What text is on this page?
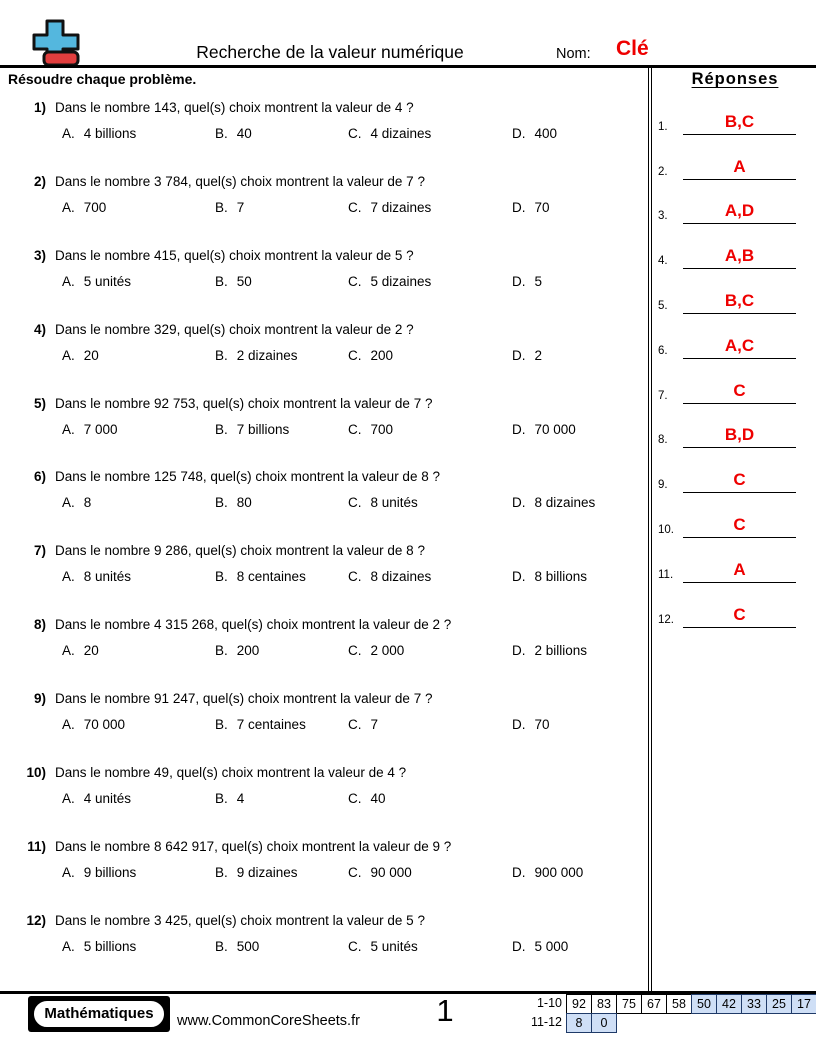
Recherche de la valeur numérique	Nom: Clé
Résoudre chaque problème.
1) Dans le nombre 143, quel(s) choix montrent la valeur de 4 ?
A. 4 billions	B. 40	C. 4 dizaines	D. 400
2) Dans le nombre 3 784, quel(s) choix montrent la valeur de 7 ?
A. 700	B. 7	C. 7 dizaines	D. 70
3) Dans le nombre 415, quel(s) choix montrent la valeur de 5 ?
A. 5 unités	B. 50	C. 5 dizaines	D. 5
4) Dans le nombre 329, quel(s) choix montrent la valeur de 2 ?
A. 20	B. 2 dizaines	C. 200	D. 2
5) Dans le nombre 92 753, quel(s) choix montrent la valeur de 7 ?
A. 7 000	B. 7 billions	C. 700	D. 70 000
6) Dans le nombre 125 748, quel(s) choix montrent la valeur de 8 ?
A. 8	B. 80	C. 8 unités	D. 8 dizaines
7) Dans le nombre 9 286, quel(s) choix montrent la valeur de 8 ?
A. 8 unités	B. 8 centaines	C. 8 dizaines	D. 8 billions
8) Dans le nombre 4 315 268, quel(s) choix montrent la valeur de 2 ?
A. 20	B. 200	C. 2 000	D. 2 billions
9) Dans le nombre 91 247, quel(s) choix montrent la valeur de 7 ?
A. 70 000	B. 7 centaines	C. 7	D. 70
10) Dans le nombre 49, quel(s) choix montrent la valeur de 4 ?
A. 4 unités	B. 4	C. 40
11) Dans le nombre 8 642 917, quel(s) choix montrent la valeur de 9 ?
A. 9 billions	B. 9 dizaines	C. 90 000	D. 900 000
12) Dans le nombre 3 425, quel(s) choix montrent la valeur de 5 ?
A. 5 billions	B. 500	C. 5 unités	D. 5 000
Réponses
1.	B,C
2.	A
3.	A,D
4.	A,B
5.	B,C
6.	A,C
7.	C
8.	B,D
9.	C
10.	C
11.	A
12.	C
Mathématiques	www.CommonCoreSheets.fr	1	1-10 92 83 75 67 58 50 42 33 25 17
11-12	8	0
